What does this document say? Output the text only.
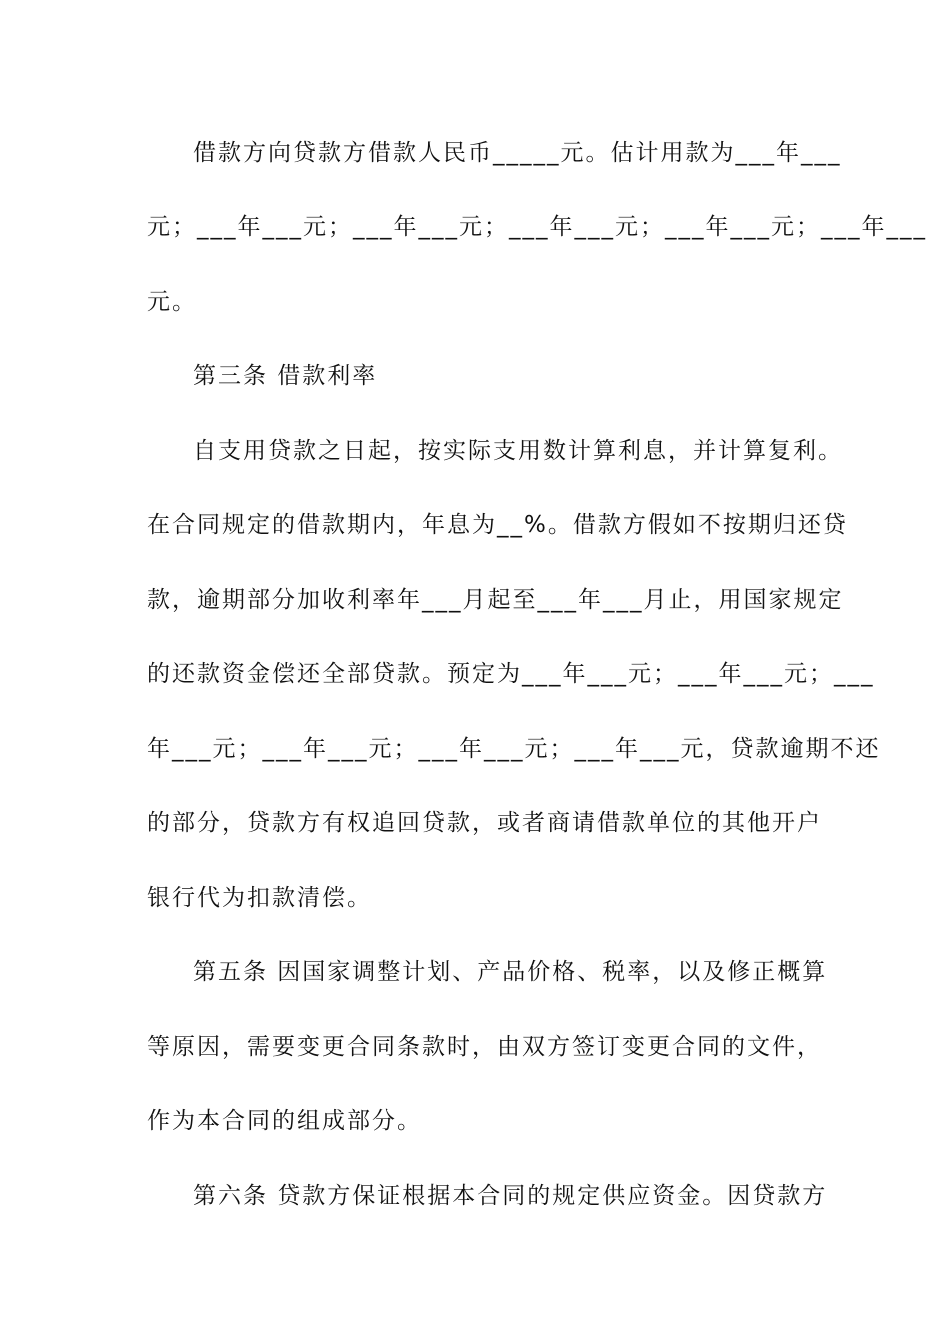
借款方向贷款方借款人民币_____元。估计用款为___年___
元；___年___元；___年___元；___年___元；___年___元；___年___
元。
第三条 借款利率
自支用贷款之日起，按实际支用数计算利息，并计算复利。
在合同规定的借款期内，年息为__%。借款方假如不按期归还贷
款，逾期部分加收利率年___月起至___年___月止，用国家规定
的还款资金偿还全部贷款。预定为___年___元；___年___元；___
年___元；___年___元；___年___元；___年___元，贷款逾期不还
的部分，贷款方有权追回贷款，或者商请借款单位的其他开户
银行代为扣款清偿。
第五条 因国家调整计划、产品价格、税率，以及修正概算
等原因，需要变更合同条款时，由双方签订变更合同的文件，
作为本合同的组成部分。
第六条 贷款方保证根据本合同的规定供应资金。因贷款方
